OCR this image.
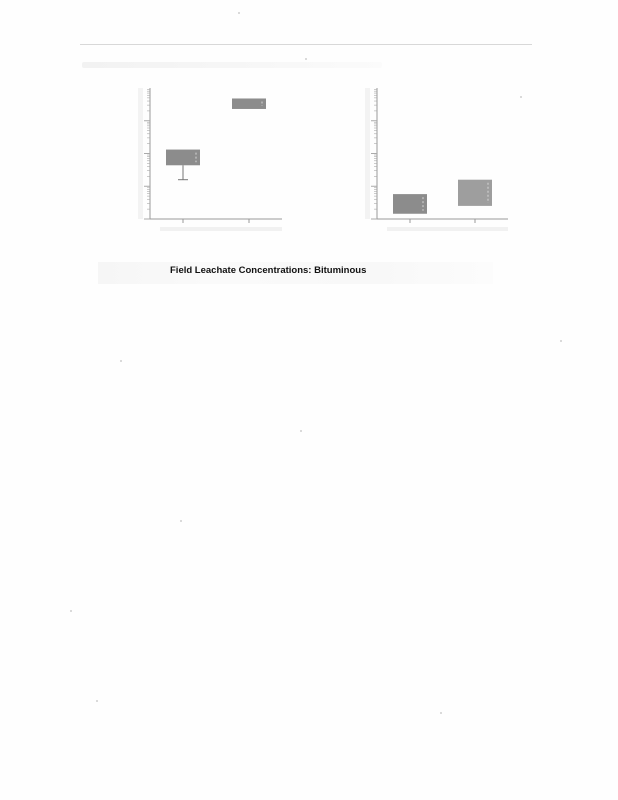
Field Leachate Concentrations: Bituminous
